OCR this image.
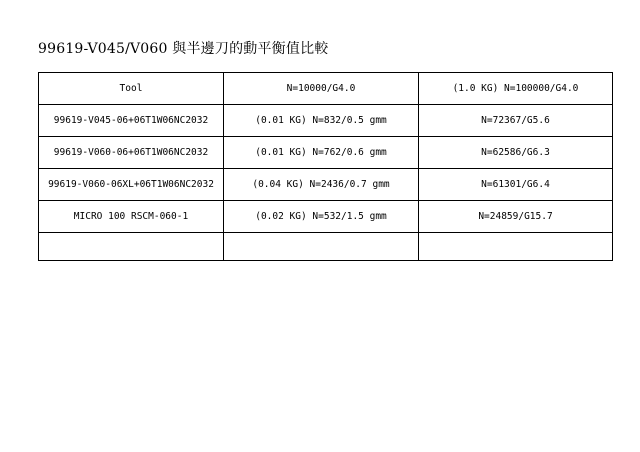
99619-V045/V060 與半邊刀的動平衡值比較
Tool	N=10000/G4.0	(1.0 KG) N=100000/G4.0
99619-V045-06+06T1W06NC2032	(0.01 KG) N=832/0.5 gmm	N=72367/G5.6
99619-V060-06+06T1W06NC2032	(0.01 KG) N=762/0.6 gmm	N=62586/G6.3
99619-V060-06XL+06T1W06NC2032	(0.04 KG) N=2436/0.7 gmm	N=61301/G6.4
MICRO 100 RSCM-060-1	(0.02 KG) N=532/1.5 gmm	N=24859/G15.7
